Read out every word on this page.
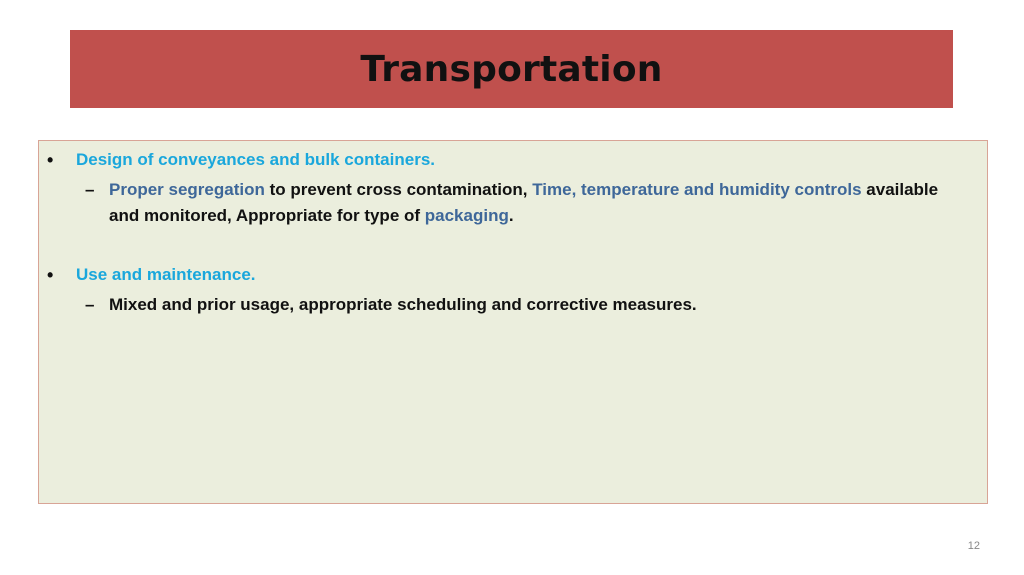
Transportation
•	Design of conveyances and bulk containers.
– Proper segregation to prevent cross contamination, Time, temperature and humidity controls available and monitored, Appropriate for type of packaging.
•	Use and maintenance.
– Mixed and prior usage, appropriate scheduling and corrective measures.
12
